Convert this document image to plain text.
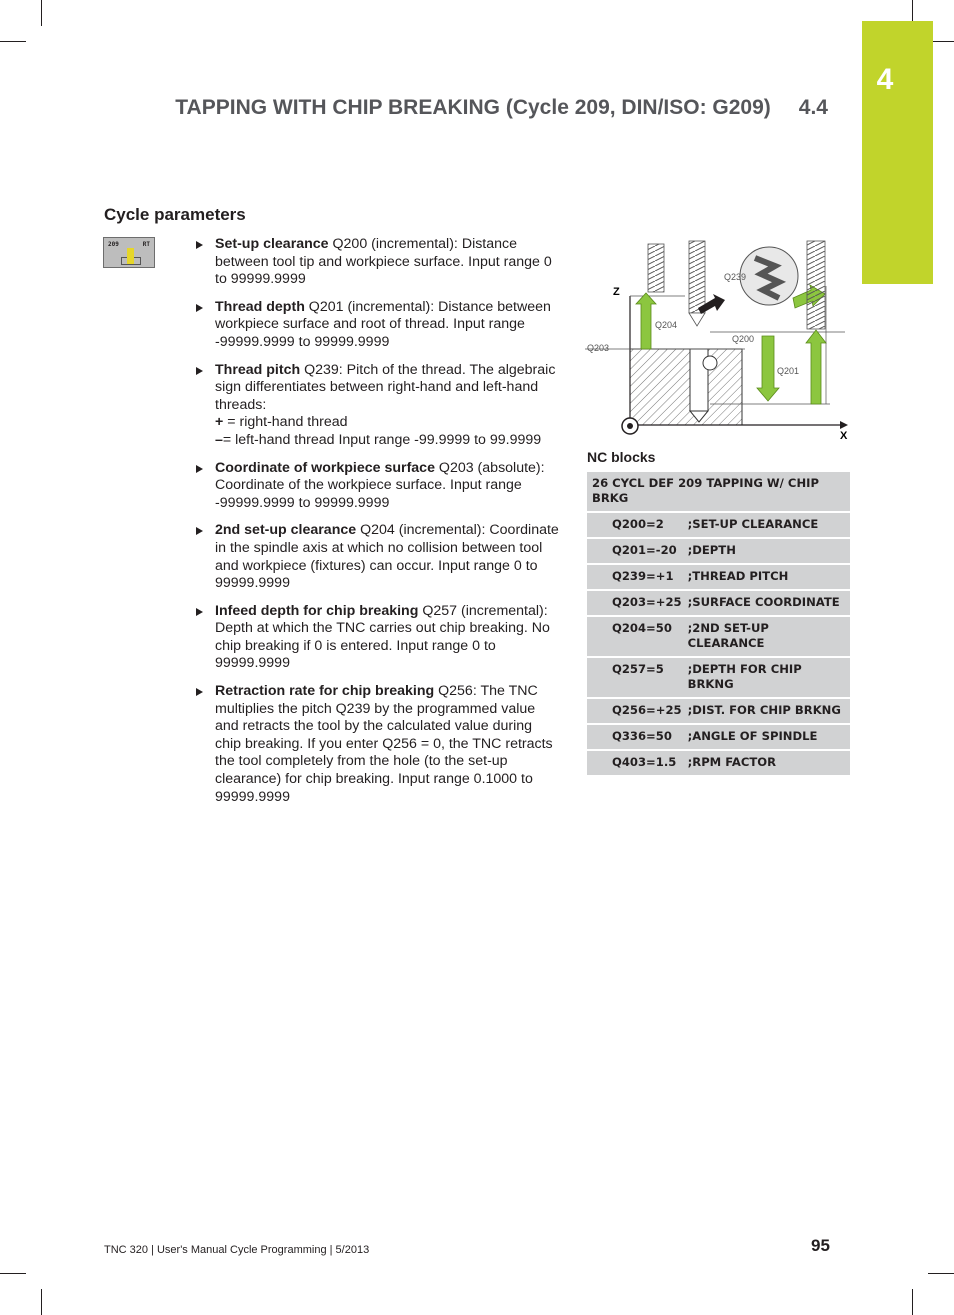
4
TAPPING WITH CHIP BREAKING (Cycle 209, DIN/ISO: G209) 4.4
Cycle parameters
209	RT	Set-up clearance Q200 (incremental): Distance between tool tip and workpiece surface. Input range 0 to 99999.9999
Thread depth Q201 (incremental): Distance between workpiece surface and root of thread. Input range -99999.9999 to 99999.9999
Thread pitch Q239: Pitch of the thread. The algebraic sign differentiates between right-hand and left-hand threads:
+ = right-hand thread
–= left-hand thread Input range -99.9999 to 99.9999
Coordinate of workpiece surface Q203 (absolute): Coordinate of the workpiece surface. Input range -99999.9999 to 99999.9999
2nd set-up clearance Q204 (incremental): Coordinate in the spindle axis at which no collision between tool and workpiece (fixtures) can occur. Input range 0 to 99999.9999
Infeed depth for chip breaking Q257 (incremental): Depth at which the TNC carries out chip breaking. No chip breaking if 0 is entered. Input range 0 to 99999.9999
Retraction rate for chip breaking Q256: The TNC multiplies the pitch Q239 by the programmed value and retracts the tool by the calculated value during chip breaking. If you enter Q256 = 0, the TNC retracts the tool completely from the hole (to the set-up clearance) for chip breaking. Input range 0.1000 to 99999.9999
Z
X
Q239
Q204
Q200
Q203
Q201
NC blocks
26 CYCL DEF 209 TAPPING W/ CHIP BRKG	
Q200=2	;SET-UP CLEARANCE
Q201=-20	;DEPTH
Q239=+1	;THREAD PITCH
Q203=+25	;SURFACE COORDINATE
Q204=50	;2ND SET-UP CLEARANCE
Q257=5	;DEPTH FOR CHIP BRKNG
Q256=+25	;DIST. FOR CHIP BRKNG
Q336=50	;ANGLE OF SPINDLE
Q403=1.5	;RPM FACTOR
TNC 320 | User's Manual Cycle Programming | 5/2013	95
